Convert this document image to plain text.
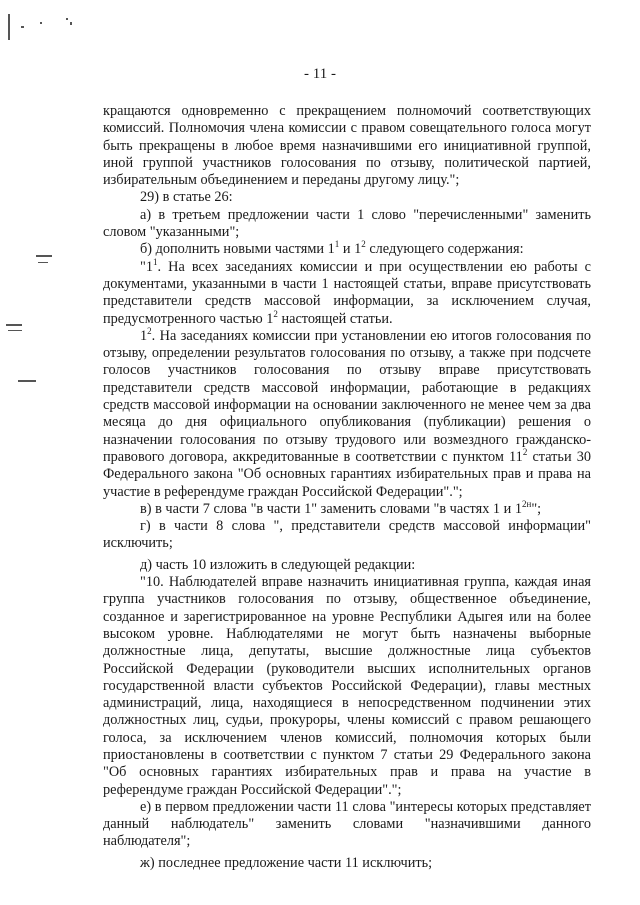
- 11 -

кращаются одновременно с прекращением полномочий соответствующих комиссий. Полномочия члена комиссии с правом совещательного голоса могут быть прекращены в любое время назначившими его инициативной группой, иной группой участников голосования по отзыву, политической партией, избирательным объединением и переданы другому лицу.";

29) в статье 26:

а) в третьем предложении части 1 слово "перечисленными" заменить словом "указанными";

б) дополнить новыми частями $1^1$ и $1^2$ следующего содержания:

"$1^1$. На всех заседаниях комиссии и при осуществлении ею работы с документами, указанными в части 1 настоящей статьи, вправе присутствовать представители средств массовой информации, за исключением случая, предусмотренного частью $1^2$ настоящей статьи.

$1^2$. На заседаниях комиссии при установлении ею итогов голосования по отзыву, определении результатов голосования по отзыву, а также при подсчете голосов участников голосования по отзыву вправе присутствовать представители средств массовой информации, работающие в редакциях средств массовой информации на основании заключенного не менее чем за два месяца до дня официального опубликования (публикации) решения о назначении голосования по отзыву трудового или возмездного гражданско-правового договора, аккредитованные в соответствии с пунктом $11^2$ статьи 30 Федерального закона "Об основных гарантиях избирательных прав и права на участие в референдуме граждан Российской Федерации".";

в) в части 7 слова "в части 1" заменить словами "в частях 1 и $1^{2н}$";

г) в части 8 слова ", представители средств массовой информации" исключить;

д) часть 10 изложить в следующей редакции:

"10. Наблюдателей вправе назначить инициативная группа, каждая иная группа участников голосования по отзыву, общественное объединение, созданное и зарегистрированное на уровне Республики Адыгея или на более высоком уровне. Наблюдателями не могут быть назначены выборные должностные лица, депутаты, высшие должностные лица субъектов Российской Федерации (руководители высших исполнительных органов государственной власти субъектов Российской Федерации), главы местных администраций, лица, находящиеся в непосредственном подчинении этих должностных лиц, судьи, прокуроры, члены комиссий с правом решающего голоса, за исключением членов комиссий, полномочия которых были приостановлены в соответствии с пунктом 7 статьи 29 Федерального закона "Об основных гарантиях избирательных прав и права на участие в референдуме граждан Российской Федерации".";

е) в первом предложении части 11 слова "интересы которых представляет данный наблюдатель" заменить словами "назначившими данного наблюдателя";

ж) последнее предложение части 11 исключить;
